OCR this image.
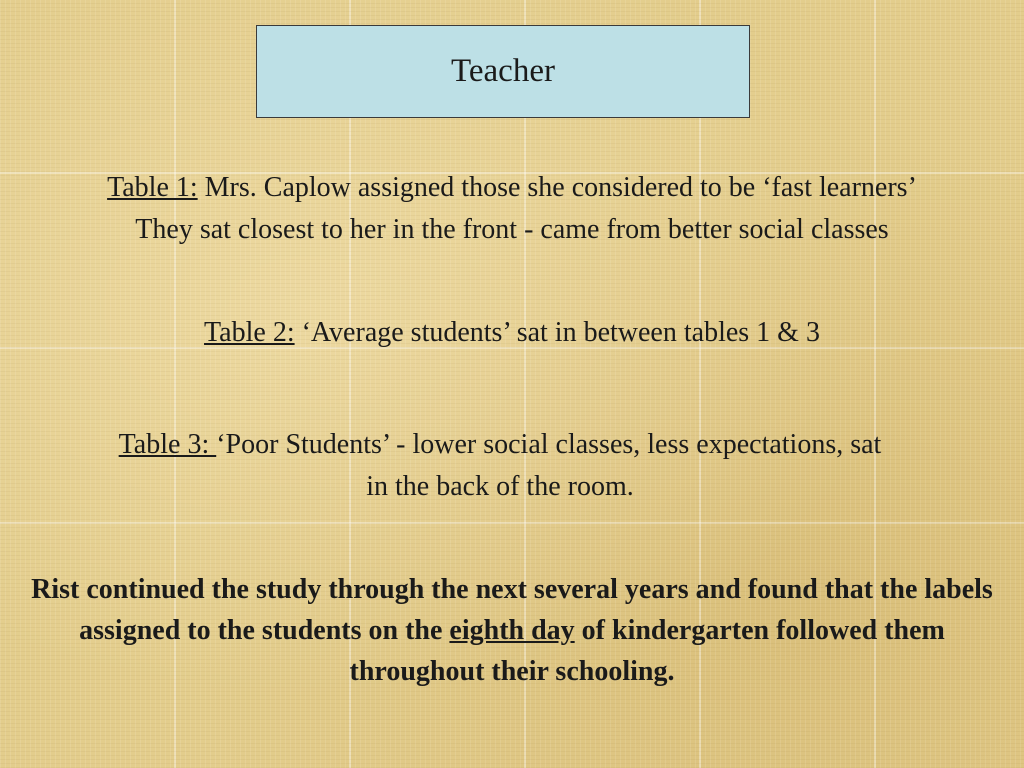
Teacher
Table 1: Mrs. Caplow assigned those she considered to be ‘fast learners’
They sat closest to her in the front - came from better social classes
Table 2: ‘Average students’ sat in between tables 1 & 3
Table 3: ‘Poor Students’ - lower social classes, less expectations, sat
in the back of the room.
Rist continued the study through the next several years and found that the labels assigned to the students on the eighth day of kindergarten followed them throughout their schooling.
